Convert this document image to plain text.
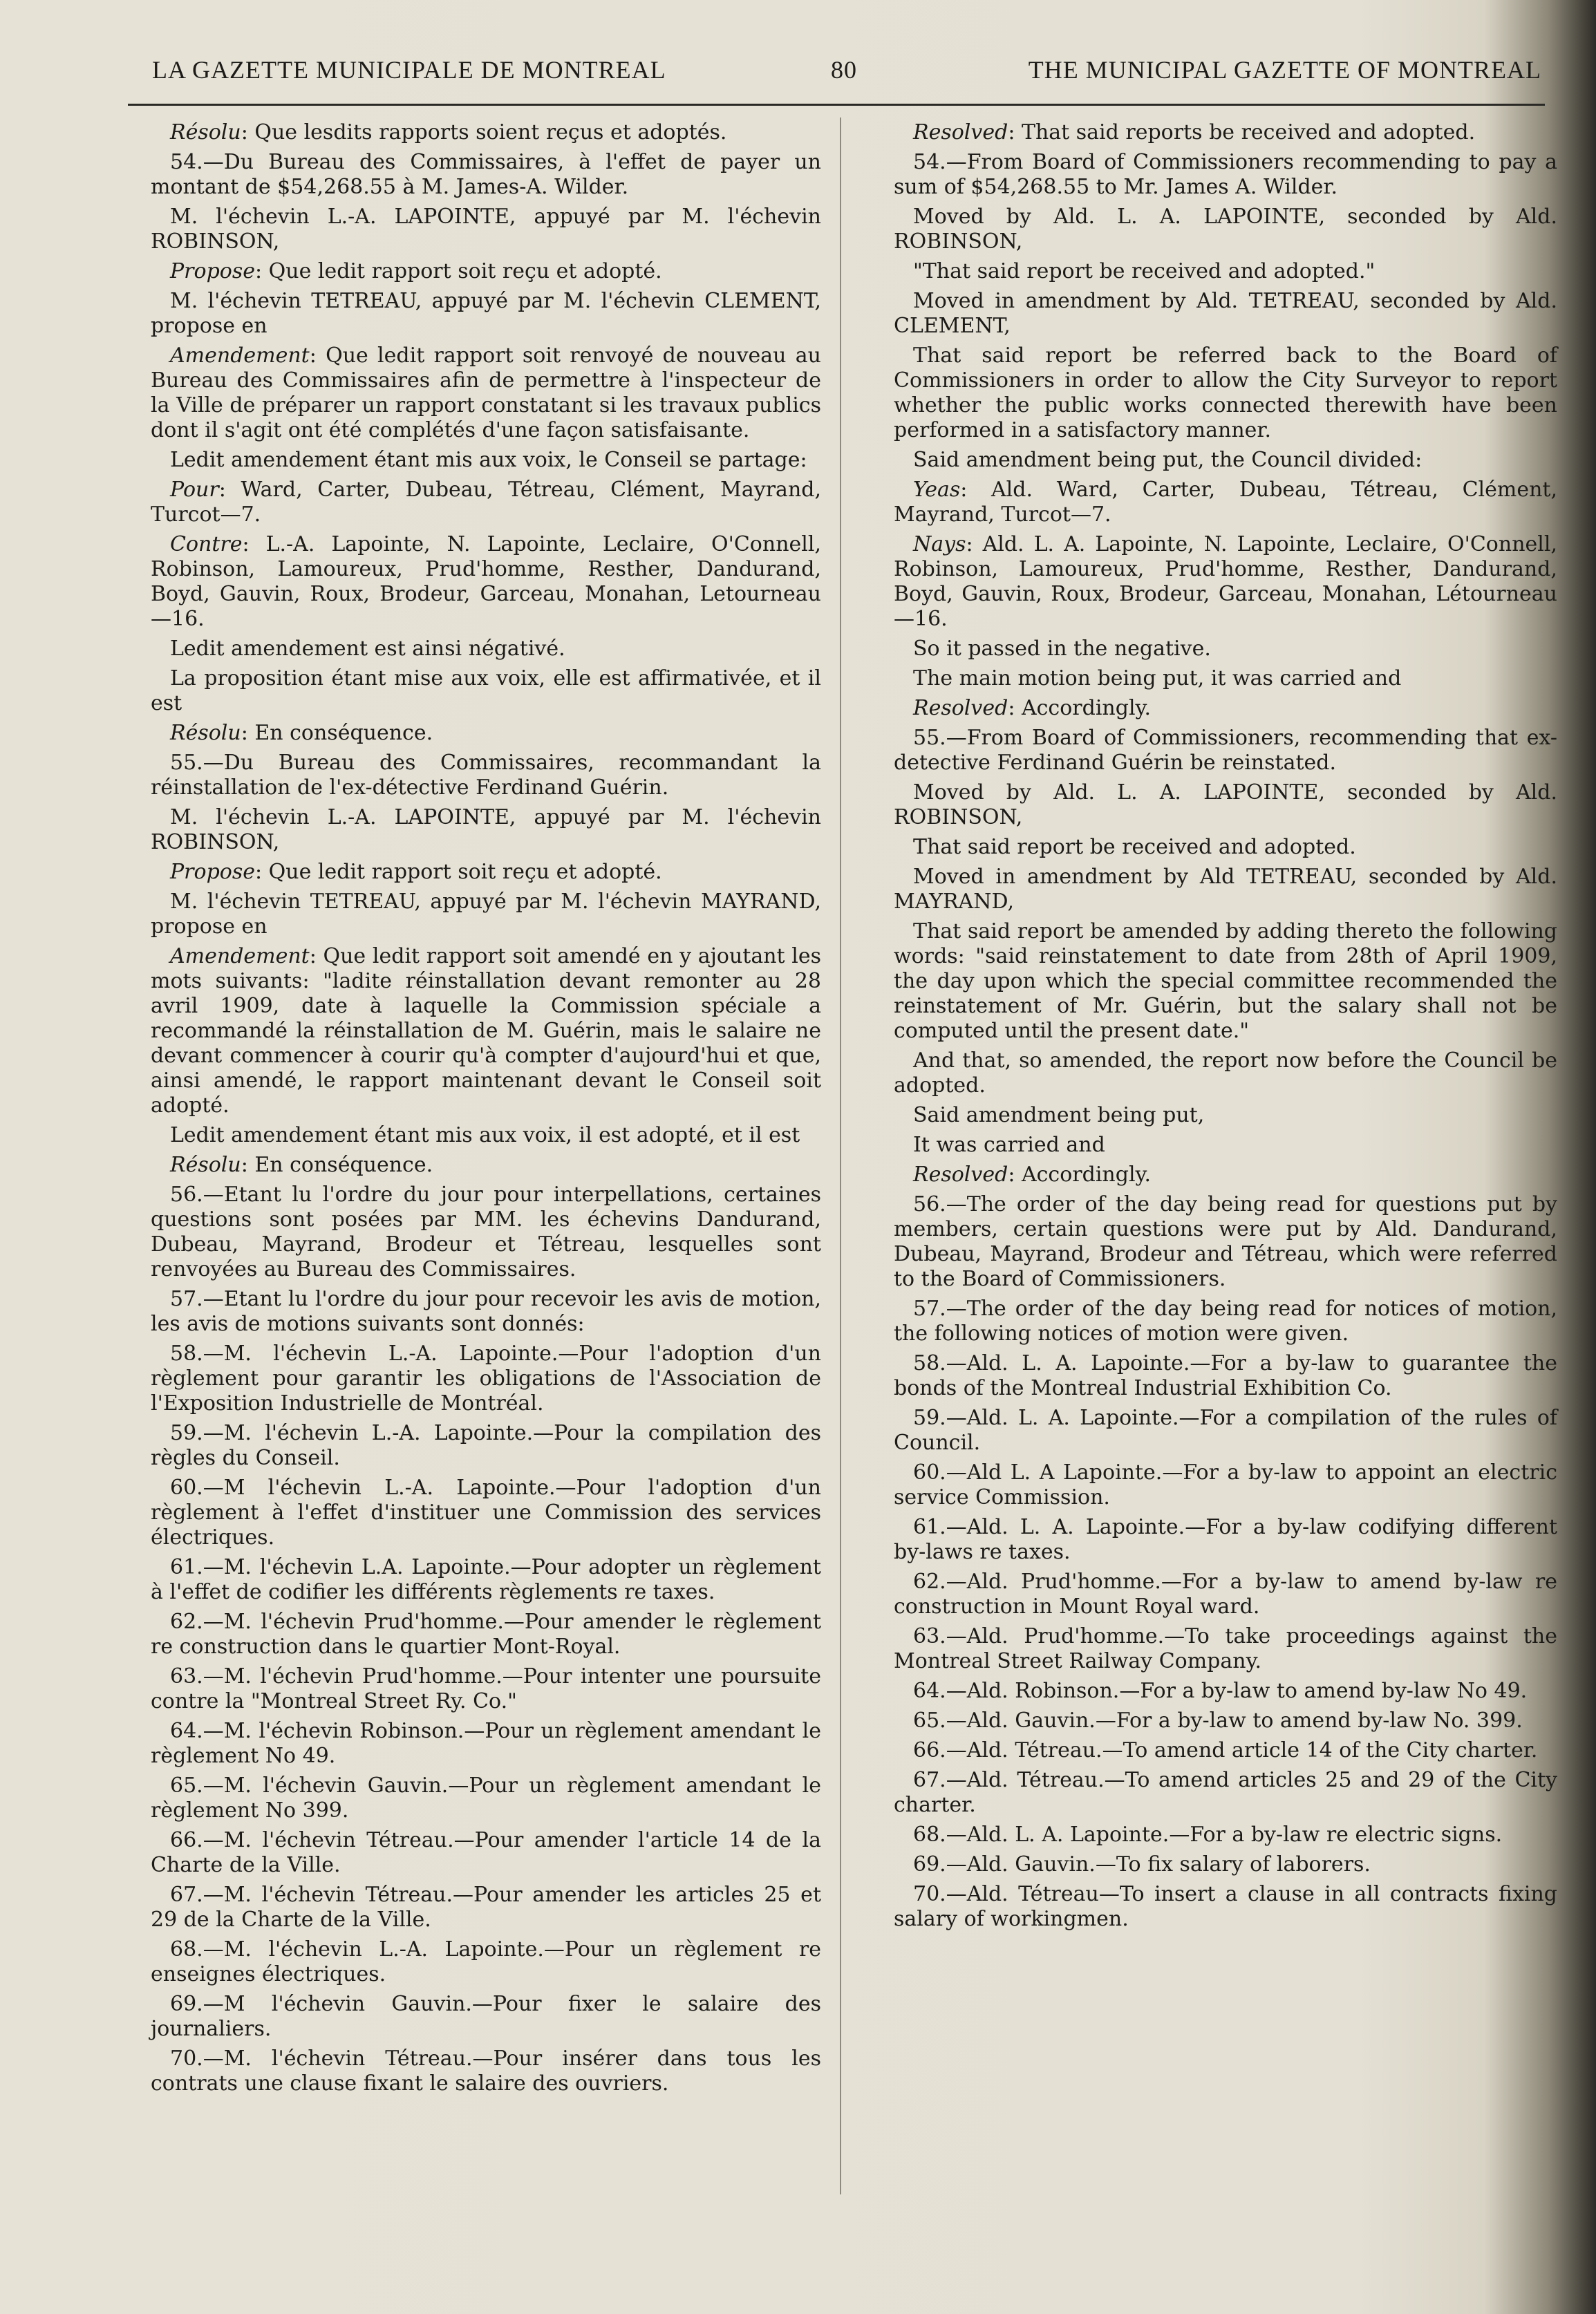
LA GAZETTE MUNICIPALE DE MONTREAL	80	THE MUNICIPAL GAZETTE OF MONTREAL

Résolu: Que lesdits rapports soient reçus et adoptés.

54.—Du Bureau des Commissaires, à l'effet de payer un montant de $54,268.55 à M. James-A. Wilder.

M. l'échevin L.-A. LAPOINTE, appuyé par M. l'échevin ROBINSON,

Propose: Que ledit rapport soit reçu et adopté.

M. l'échevin TETREAU, appuyé par M. l'échevin CLEMENT, propose en

Amendement: Que ledit rapport soit renvoyé de nouveau au Bureau des Commissaires afin de permettre à l'inspecteur de la Ville de préparer un rapport constatant si les travaux publics dont il s'agit ont été complétés d'une façon satisfaisante.

Ledit amendement étant mis aux voix, le Conseil se partage:

Pour: Ward, Carter, Dubeau, Tétreau, Clément, Mayrand, Turcot—7.

Contre: L.-A. Lapointe, N. Lapointe, Leclaire, O'Connell, Robinson, Lamoureux, Prud'homme, Resther, Dandurand, Boyd, Gauvin, Roux, Brodeur, Garceau, Monahan, Letourneau—16.

Ledit amendement est ainsi négativé.

La proposition étant mise aux voix, elle est affirmativée, et il est

Résolu: En conséquence.

55.—Du Bureau des Commissaires, recommandant la réinstallation de l'ex-détective Ferdinand Guérin.

M. l'échevin L.-A. LAPOINTE, appuyé par M. l'échevin ROBINSON,

Propose: Que ledit rapport soit reçu et adopté.

M. l'échevin TETREAU, appuyé par M. l'échevin MAYRAND, propose en

Amendement: Que ledit rapport soit amendé en y ajoutant les mots suivants: "ladite réinstallation devant remonter au 28 avril 1909, date à laquelle la Commission spéciale a recommandé la réinstallation de M. Guérin, mais le salaire ne devant commencer à courir qu'à compter d'aujourd'hui et que, ainsi amendé, le rapport maintenant devant le Conseil soit adopté.

Ledit amendement étant mis aux voix, il est adopté, et il est

Résolu: En conséquence.

56.—Etant lu l'ordre du jour pour interpellations, certaines questions sont posées par MM. les échevins Dandurand, Dubeau, Mayrand, Brodeur et Tétreau, lesquelles sont renvoyées au Bureau des Commissaires.

57.—Etant lu l'ordre du jour pour recevoir les avis de motion, les avis de motions suivants sont donnés:

58.—M. l'échevin L.-A. Lapointe.—Pour l'adoption d'un règlement pour garantir les obligations de l'Association de l'Exposition Industrielle de Montréal.

59.—M. l'échevin L.-A. Lapointe.—Pour la compilation des règles du Conseil.

60.—M l'échevin L.-A. Lapointe.—Pour l'adoption d'un règlement à l'effet d'instituer une Commission des services électriques.

61.—M. l'échevin L.A. Lapointe.—Pour adopter un règlement à l'effet de codifier les différents règlements re taxes.

62.—M. l'échevin Prud'homme.—Pour amender le règlement re construction dans le quartier Mont-Royal.

63.—M. l'échevin Prud'homme.—Pour intenter une poursuite contre la "Montreal Street Ry. Co."

64.—M. l'échevin Robinson.—Pour un règlement amendant le règlement No 49.

65.—M. l'échevin Gauvin.—Pour un règlement amendant le règlement No 399.

66.—M. l'échevin Tétreau.—Pour amender l'article 14 de la Charte de la Ville.

67.—M. l'échevin Tétreau.—Pour amender les articles 25 et 29 de la Charte de la Ville.

68.—M. l'échevin L.-A. Lapointe.—Pour un règlement re enseignes électriques.

69.—M l'échevin Gauvin.—Pour fixer le salaire des journaliers.

70.—M. l'échevin Tétreau.—Pour insérer dans tous les contrats une clause fixant le salaire des ouvriers.

Resolved: That said reports be received and adopted.

54.—From Board of Commissioners recommending to pay a sum of $54,268.55 to Mr. James A. Wilder.

Moved by Ald. L. A. LAPOINTE, seconded by Ald. ROBINSON,

"That said report be received and adopted."

Moved in amendment by Ald. TETREAU, seconded by Ald. CLEMENT,

That said report be referred back to the Board of Commissioners in order to allow the City Surveyor to report whether the public works connected therewith have been performed in a satisfactory manner.

Said amendment being put, the Council divided:

Yeas: Ald. Ward, Carter, Dubeau, Tétreau, Clément, Mayrand, Turcot—7.

Nays: Ald. L. A. Lapointe, N. Lapointe, Leclaire, O'Connell, Robinson, Lamoureux, Prud'homme, Resther, Dandurand, Boyd, Gauvin, Roux, Brodeur, Garceau, Monahan, Létourneau—16.

So it passed in the negative.

The main motion being put, it was carried and

Resolved: Accordingly.

55.—From Board of Commissioners, recommending that ex-detective Ferdinand Guérin be reinstated.

Moved by Ald. L. A. LAPOINTE, seconded by Ald. ROBINSON,

That said report be received and adopted.

Moved in amendment by Ald TETREAU, seconded by Ald. MAYRAND,

That said report be amended by adding thereto the following words: "said reinstatement to date from 28th of April 1909, the day upon which the special committee recommended the reinstatement of Mr. Guérin, but the salary shall not be computed until the present date."

And that, so amended, the report now before the Council be adopted.

Said amendment being put,

It was carried and

Resolved: Accordingly.

56.—The order of the day being read for questions put by members, certain questions were put by Ald. Dandurand, Dubeau, Mayrand, Brodeur and Tétreau, which were referred to the Board of Commissioners.

57.—The order of the day being read for notices of motion, the following notices of motion were given.

58.—Ald. L. A. Lapointe.—For a by-law to guarantee the bonds of the Montreal Industrial Exhibition Co.

59.—Ald. L. A. Lapointe.—For a compilation of the rules of Council.

60.—Ald L. A Lapointe.—For a by-law to appoint an electric service Commission.

61.—Ald. L. A. Lapointe.—For a by-law codifying different by-laws re taxes.

62.—Ald. Prud'homme.—For a by-law to amend by-law re construction in Mount Royal ward.

63.—Ald. Prud'homme.—To take proceedings against the Montreal Street Railway Company.

64.—Ald. Robinson.—For a by-law to amend by-law No 49.

65.—Ald. Gauvin.—For a by-law to amend by-law No. 399.

66.—Ald. Tétreau.—To amend article 14 of the City charter.

67.—Ald. Tétreau.—To amend articles 25 and 29 of the City charter.

68.—Ald. L. A. Lapointe.—For a by-law re electric signs.

69.—Ald. Gauvin.—To fix salary of laborers.

70.—Ald. Tétreau—To insert a clause in all contracts fixing salary of workingmen.
